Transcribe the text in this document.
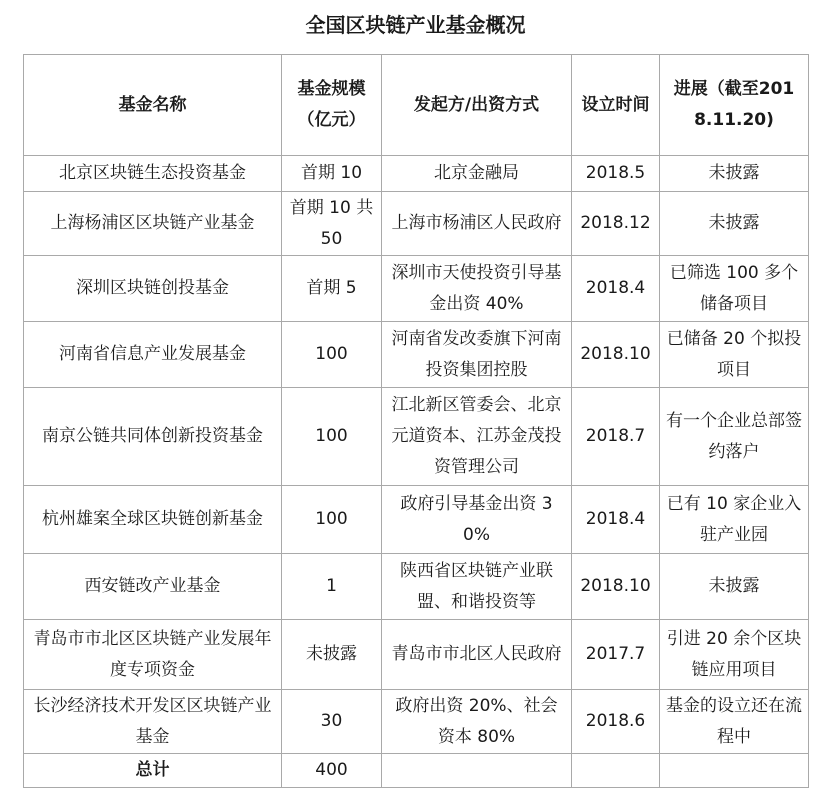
全国区块链产业基金概况
基金名称	基金规模（亿元）	发起方/出资方式	设立时间	进展（截至2018.11.20)
北京区块链生态投资基金	首期 10	北京金融局	2018.5	未披露
上海杨浦区区块链产业基金	首期 10 共 50	上海市杨浦区人民政府	2018.12	未披露
深圳区块链创投基金	首期 5	深圳市天使投资引导基金出资 40%	2018.4	已筛选 100 多个储备项目
河南省信息产业发展基金	100	河南省发改委旗下河南投资集团控股	2018.10	已储备 20 个拟投项目
南京公链共同体创新投资基金	100	江北新区管委会、北京元道资本、江苏金茂投资管理公司	2018.7	有一个企业总部签约落户
杭州雄案全球区块链创新基金	100	政府引导基金出资 30%	2018.4	已有 10 家企业入驻产业园
西安链改产业基金	1	陕西省区块链产业联盟、和谐投资等	2018.10	未披露
青岛市市北区区块链产业发展年度专项资金	未披露	青岛市市北区人民政府	2017.7	引进 20 余个区块链应用项目
长沙经济技术开发区区块链产业基金	30	政府出资 20%、社会资本 80%	2018.6	基金的设立还在流程中
总计	400			
